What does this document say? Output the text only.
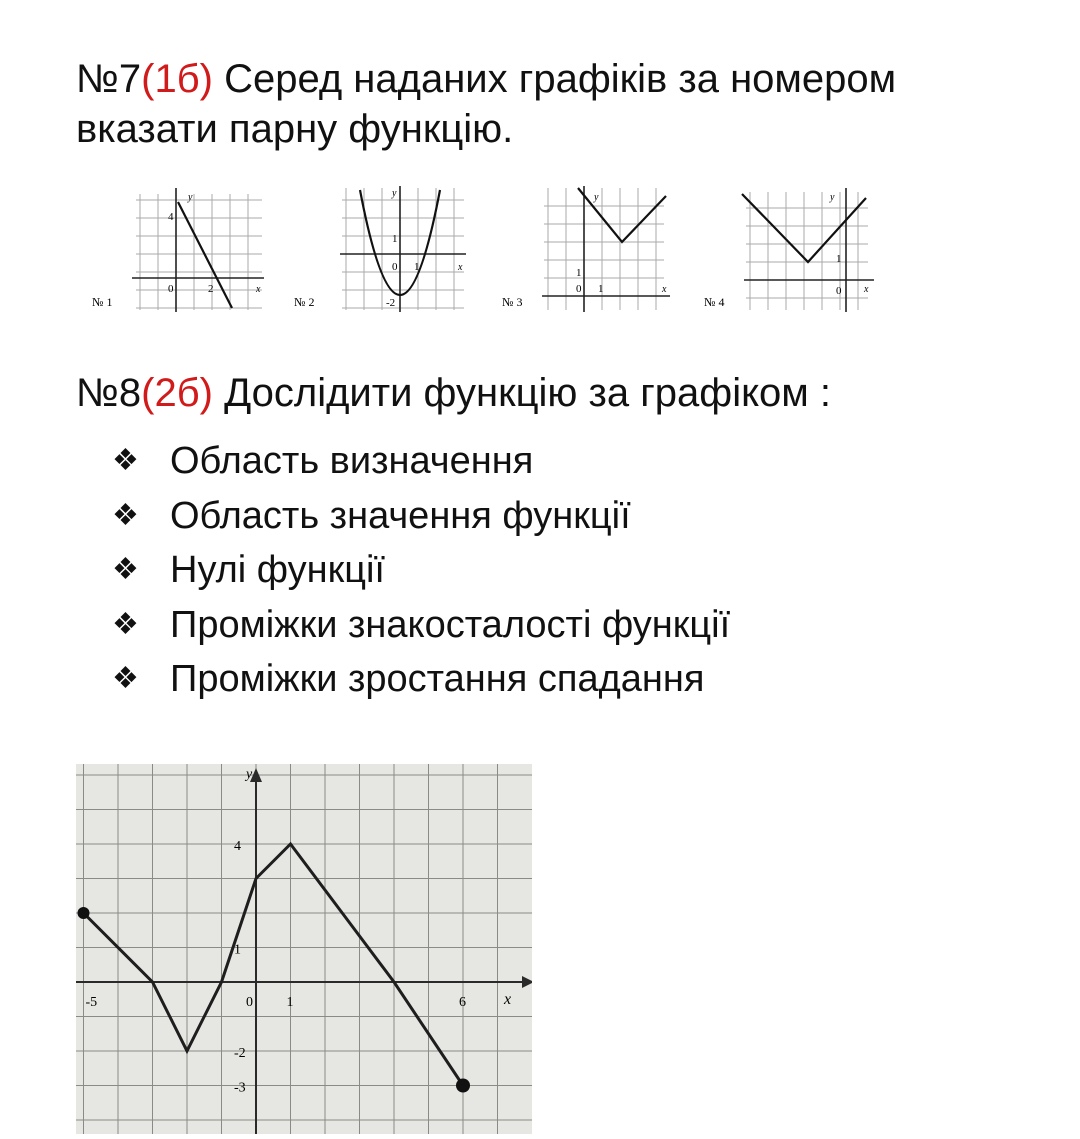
№7(1б) Серед наданих графіків за номером вказати парну функцію.
№ 1
4
0	2
y
x
№ 2
1
0 1
-2
y
x
№ 3
1
0 1
y
x
№ 4
1
0
y
x
№8(2б) Дослідити функцію за графіком :
❖ Область визначення
❖ Область значення функції
❖ Нулі функції
❖ Проміжки знакосталості функції
❖ Проміжки зростання спадання
-5	0 1	6
4
1
-2
-3
y
x
